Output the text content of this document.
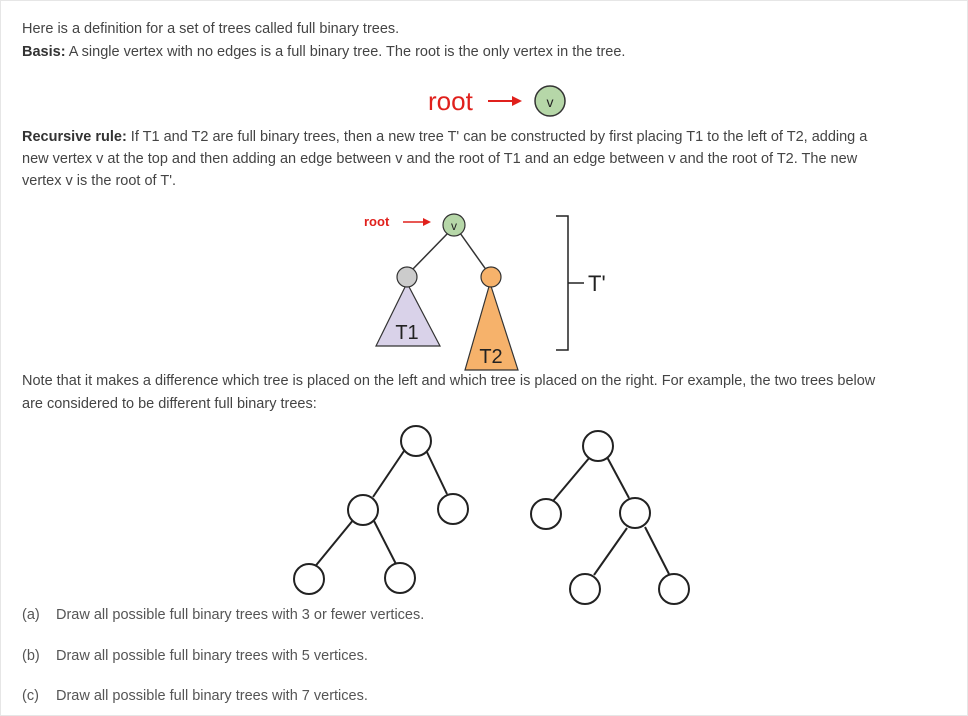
Here is a definition for a set of trees called full binary trees.
Basis: A single vertex with no edges is a full binary tree. The root is the only vertex in the tree.
root	v
root	v
T1
T2
T'
Recursive rule: If T1 and T2 are full binary trees, then a new tree T' can be constructed by first placing T1 to the left of T2, adding a
new vertex v at the top and then adding an edge between v and the root of T1 and an edge between v and the root of T2. The new
vertex v is the root of T'.
Note that it makes a difference which tree is placed on the left and which tree is placed on the right. For example, the two trees below
are considered to be different full binary trees:
(a) Draw all possible full binary trees with 3 or fewer vertices.
(b) Draw all possible full binary trees with 5 vertices.
(c) Draw all possible full binary trees with 7 vertices.
